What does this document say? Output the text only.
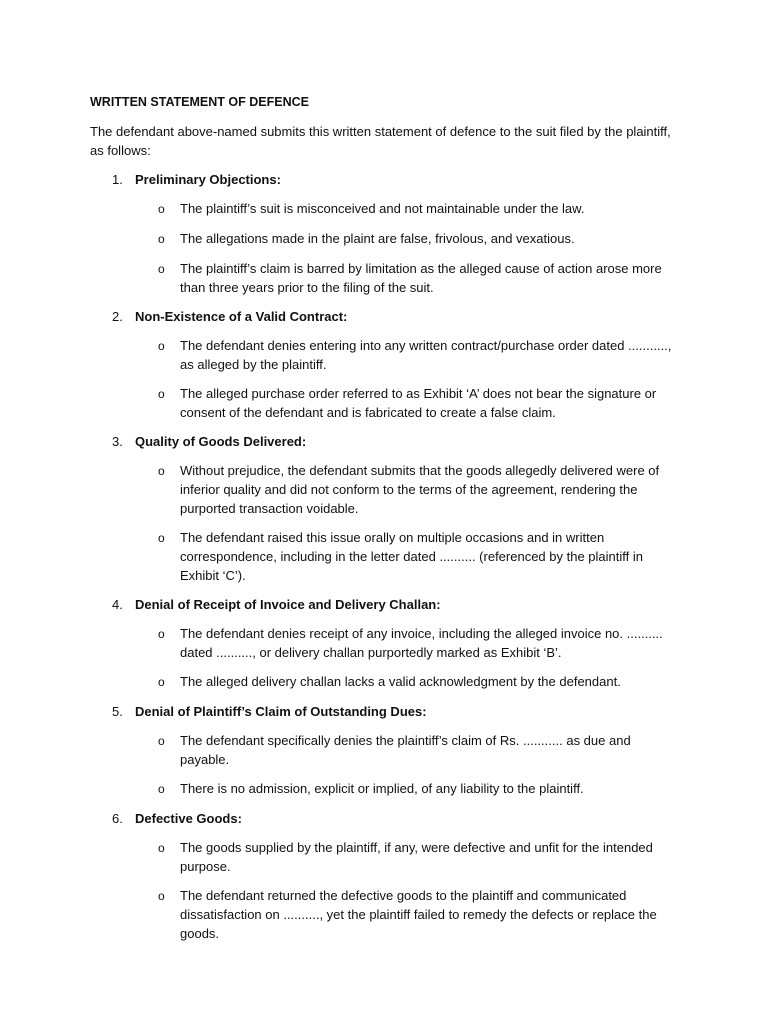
WRITTEN STATEMENT OF DEFENCE
The defendant above-named submits this written statement of defence to the suit filed by the plaintiff, as follows:
1. Preliminary Objections:
o	The plaintiff’s suit is misconceived and not maintainable under the law.
o	The allegations made in the plaint are false, frivolous, and vexatious.
o	The plaintiff’s claim is barred by limitation as the alleged cause of action arose more than three years prior to the filing of the suit.
2. Non-Existence of a Valid Contract:
o	The defendant denies entering into any written contract/purchase order dated ..........., as alleged by the plaintiff.
o	The alleged purchase order referred to as Exhibit ‘A’ does not bear the signature or consent of the defendant and is fabricated to create a false claim.
3. Quality of Goods Delivered:
o	Without prejudice, the defendant submits that the goods allegedly delivered were of inferior quality and did not conform to the terms of the agreement, rendering the purported transaction voidable.
o	The defendant raised this issue orally on multiple occasions and in written correspondence, including in the letter dated .......... (referenced by the plaintiff in Exhibit ‘C’).
4. Denial of Receipt of Invoice and Delivery Challan:
o	The defendant denies receipt of any invoice, including the alleged invoice no. .......... dated .........., or delivery challan purportedly marked as Exhibit ‘B’.
o	The alleged delivery challan lacks a valid acknowledgment by the defendant.
5. Denial of Plaintiff’s Claim of Outstanding Dues:
o	The defendant specifically denies the plaintiff’s claim of Rs. ........... as due and payable.
o	There is no admission, explicit or implied, of any liability to the plaintiff.
6. Defective Goods:
o	The goods supplied by the plaintiff, if any, were defective and unfit for the intended purpose.
o	The defendant returned the defective goods to the plaintiff and communicated dissatisfaction on .........., yet the plaintiff failed to remedy the defects or replace the goods.
